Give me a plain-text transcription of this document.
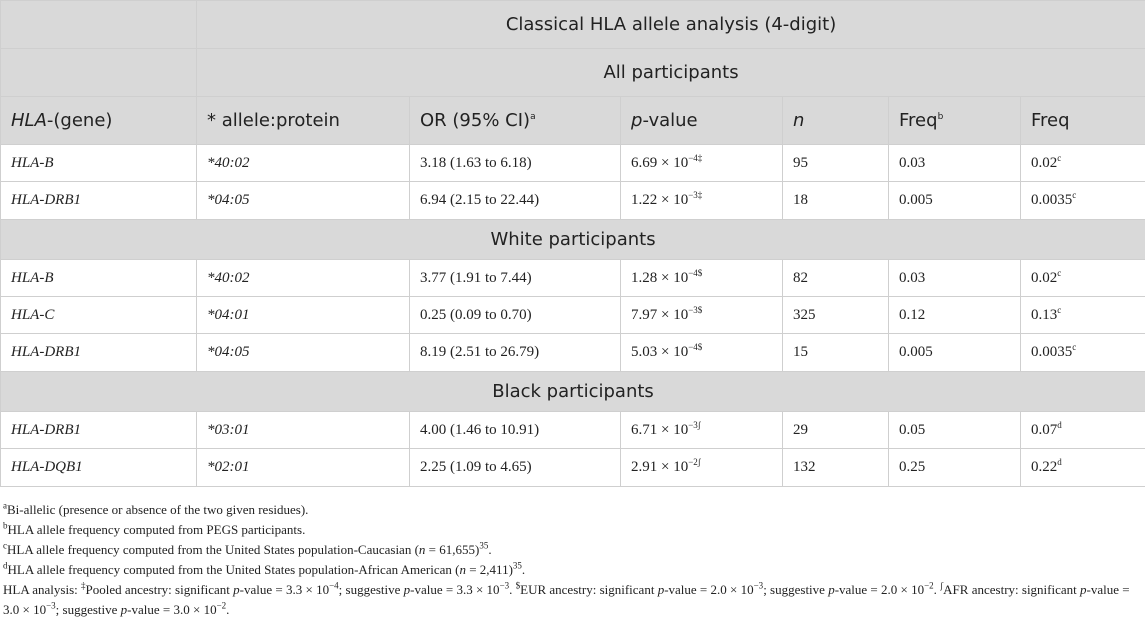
	Classical HLA allele analysis (4-digit)					
	All participants					
HLA-(gene)	* allele:protein	OR (95% CI)$^a$	p-value	n	Freq$^b$	Freq
HLA-B	*40:02	3.18 (1.63 to 6.18)	$6.69 \times 10^{-4\ddagger}$	95	0.03	0.02$^c$
HLA-DRB1	*04:05	6.94 (2.15 to 22.44)	$1.22 \times 10^{-3\ddagger}$	18	0.005	0.0035$^c$
White participants						
HLA-B	*40:02	3.77 (1.91 to 7.44)	$1.28 \times 10^{-4\$}$	82	0.03	0.02$^c$
HLA-C	*04:01	0.25 (0.09 to 0.70)	$7.97 \times 10^{-3\$}$	325	0.12	0.13$^c$
HLA-DRB1	*04:05	8.19 (2.51 to 26.79)	$5.03 \times 10^{-4\$}$	15	0.005	0.0035$^c$
Black participants						
HLA-DRB1	*03:01	4.00 (1.46 to 10.91)	$6.71 \times 10^{-3ʃ}$	29	0.05	0.07$^d$
HLA-DQB1	*02:01	2.25 (1.09 to 4.65)	$2.91 \times 10^{-2ʃ}$	132	0.25	0.22$^d$
$^a$Bi-allelic (presence or absence of the two given residues).
$^b$HLA allele frequency computed from PEGS participants.
$^c$HLA allele frequency computed from the United States population-Caucasian (n = 61,655)$^{35}$.
$^d$HLA allele frequency computed from the United States population-African American (n = 2,411)$^{35}$.
HLA analysis: ‡Pooled ancestry: significant p-value = $3.3 \times 10^{-4}$; suggestive p-value = $3.3 \times 10^{-3}$. $EUR ancestry: significant p-value = $2.0 \times 10^{-3}$; suggestive p-value = $2.0 \times 10^{-2}$. $^ʃ$AFR ancestry: significant p-value = $3.0 \times 10^{-3}$; suggestive p-value = $3.0 \times 10^{-2}$.
